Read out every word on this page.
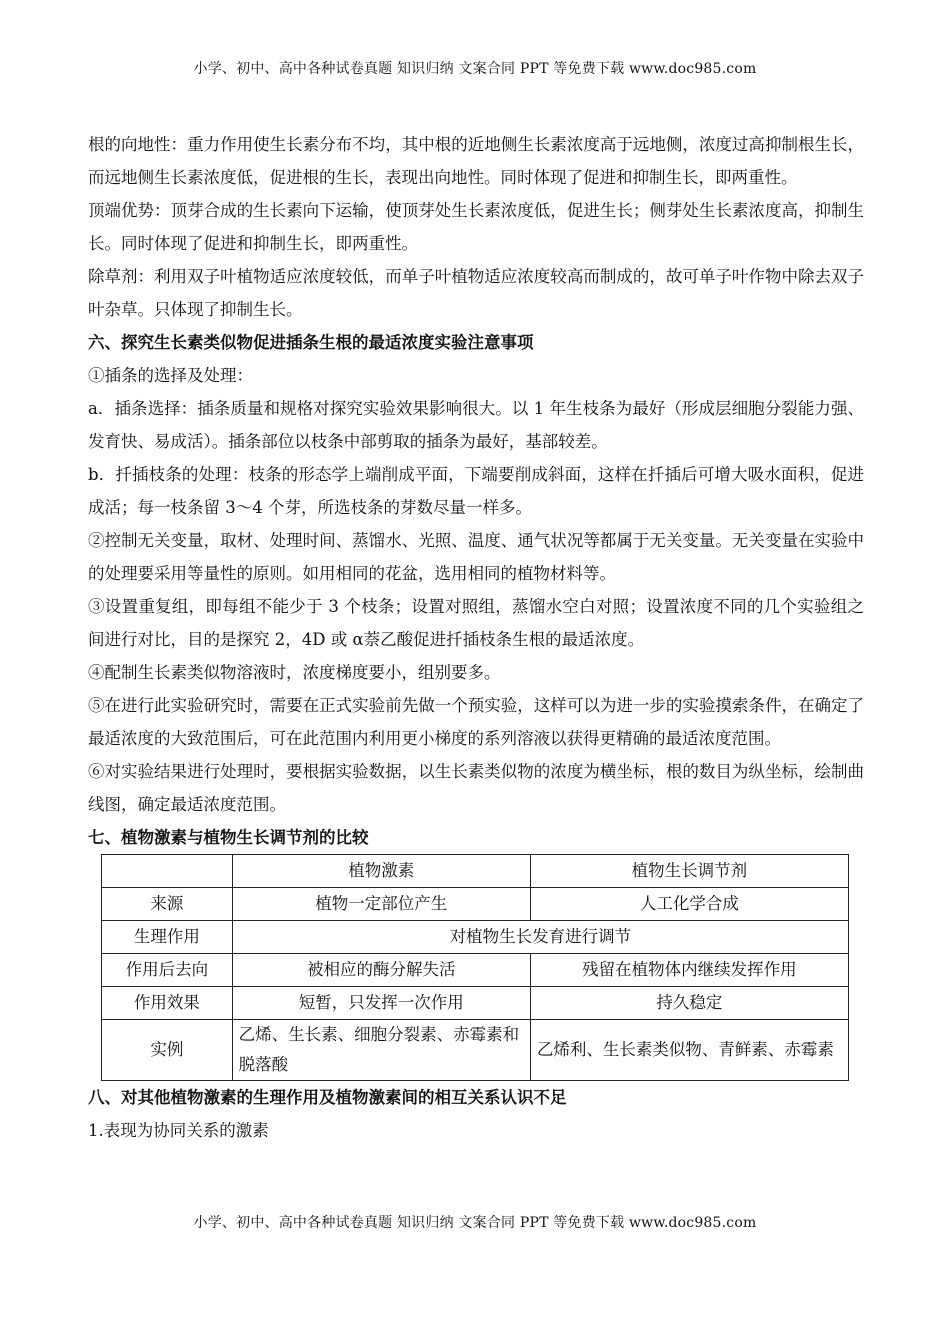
小学、初中、高中各种试卷真题 知识归纳 文案合同 PPT 等免费下载 www.doc985.com

根的向地性：重力作用使生长素分布不均，其中根的近地侧生长素浓度高于远地侧，浓度过高抑制根生长，而远地侧生长素浓度低，促进根的生长，表现出向地性。同时体现了促进和抑制生长，即两重性。

顶端优势：顶芽合成的生长素向下运输，使顶芽处生长素浓度低，促进生长；侧芽处生长素浓度高，抑制生长。同时体现了促进和抑制生长，即两重性。

除草剂：利用双子叶植物适应浓度较低，而单子叶植物适应浓度较高而制成的，故可单子叶作物中除去双子叶杂草。只体现了抑制生长。

六、探究生长素类似物促进插条生根的最适浓度实验注意事项

①插条的选择及处理：

a．插条选择：插条质量和规格对探究实验效果影响很大。以 1 年生枝条为最好（形成层细胞分裂能力强、发育快、易成活）。插条部位以枝条中部剪取的插条为最好，基部较差。

b．扦插枝条的处理：枝条的形态学上端削成平面，下端要削成斜面，这样在扦插后可增大吸水面积，促进成活；每一枝条留 3～4 个芽，所选枝条的芽数尽量一样多。

②控制无关变量，取材、处理时间、蒸馏水、光照、温度、通气状况等都属于无关变量。无关变量在实验中的处理要采用等量性的原则。如用相同的花盆，选用相同的植物材料等。

③设置重复组，即每组不能少于 3 个枝条；设置对照组，蒸馏水空白对照；设置浓度不同的几个实验组之间进行对比，目的是探究 2，4D 或 α萘乙酸促进扦插枝条生根的最适浓度。

④配制生长素类似物溶液时，浓度梯度要小，组别要多。

⑤在进行此实验研究时，需要在正式实验前先做一个预实验，这样可以为进一步的实验摸索条件，在确定了最适浓度的大致范围后，可在此范围内利用更小梯度的系列溶液以获得更精确的最适浓度范围。

⑥对实验结果进行处理时，要根据实验数据，以生长素类似物的浓度为横坐标，根的数目为纵坐标，绘制曲线图，确定最适浓度范围。

七、植物激素与植物生长调节剂的比较

	植物激素	植物生长调节剂
来源	植物一定部位产生	人工化学合成
生理作用	对植物生长发育进行调节	
作用后去向	被相应的酶分解失活	残留在植物体内继续发挥作用
作用效果	短暂，只发挥一次作用	持久稳定
实例	乙烯、生长素、细胞分裂素、赤霉素和脱落酸	乙烯利、生长素类似物、青鲜素、赤霉素

八、对其他植物激素的生理作用及植物激素间的相互关系认识不足

1.表现为协同关系的激素

小学、初中、高中各种试卷真题 知识归纳 文案合同 PPT 等免费下载 www.doc985.com
